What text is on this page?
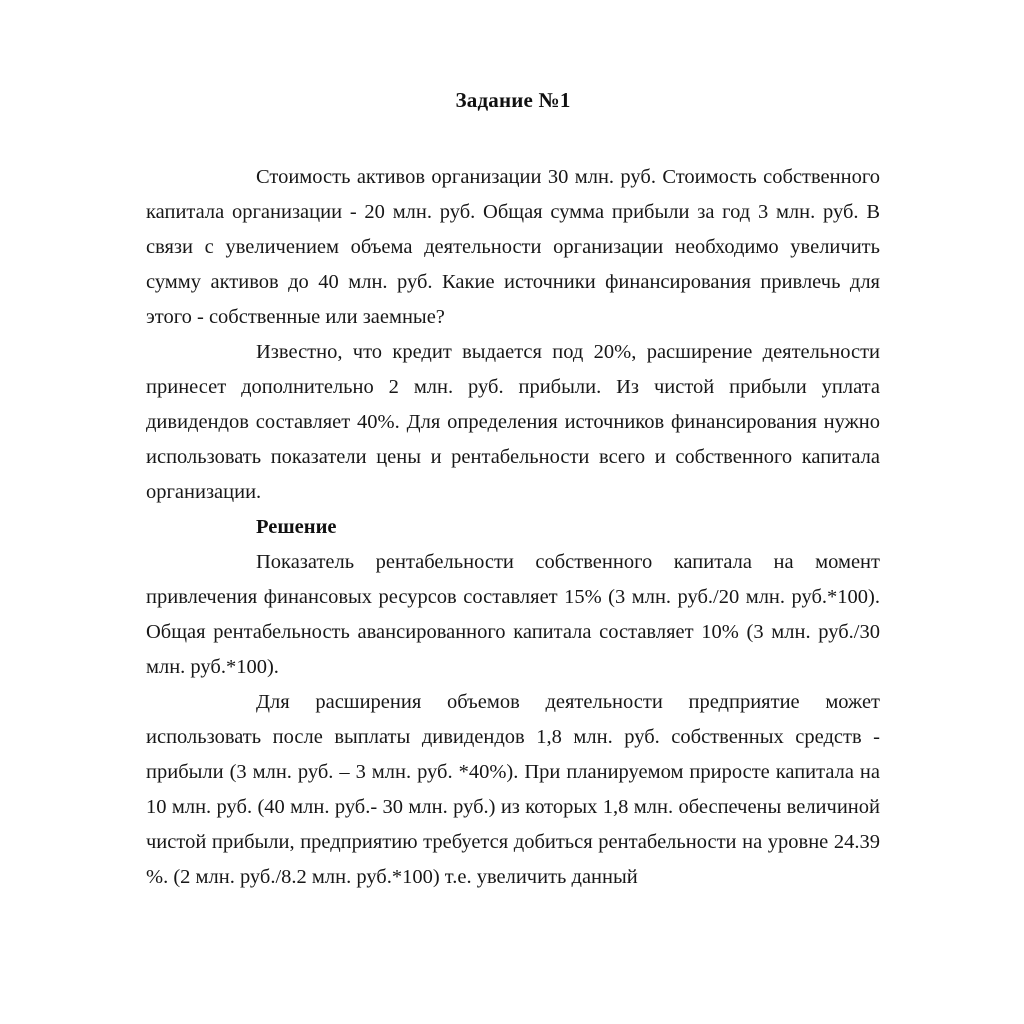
Задание №1

Стоимость активов организации 30 млн. руб. Стоимость собственного капитала организации - 20 млн. руб. Общая сумма прибыли за год 3 млн. руб. В связи с увеличением объема деятельности организации необходимо увеличить сумму активов до 40 млн. руб. Какие источники финансирования привлечь для этого - собственные или заемные?

Известно, что кредит выдается под 20%, расширение деятельности принесет дополнительно 2 млн. руб. прибыли. Из чистой прибыли уплата дивидендов составляет 40%. Для определения источников финансирования нужно использовать показатели цены и рентабельности всего и собственного капитала организации.

Решение

Показатель рентабельности собственного капитала на момент привлечения финансовых ресурсов составляет 15% (3 млн. руб./20 млн. руб.*100). Общая рентабельность авансированного капитала составляет 10% (3 млн. руб./30 млн. руб.*100).

Для расширения объемов деятельности предприятие может использовать после выплаты дивидендов 1,8 млн. руб. собственных средств - прибыли (3 млн. руб. – 3 млн. руб. *40%). При планируемом приросте капитала на 10 млн. руб. (40 млн. руб.- 30 млн. руб.) из которых 1,8 млн. обеспечены величиной чистой прибыли, предприятию требуется добиться рентабельности на уровне 24.39 %. (2 млн. руб./8.2 млн. руб.*100) т.е. увеличить данный
